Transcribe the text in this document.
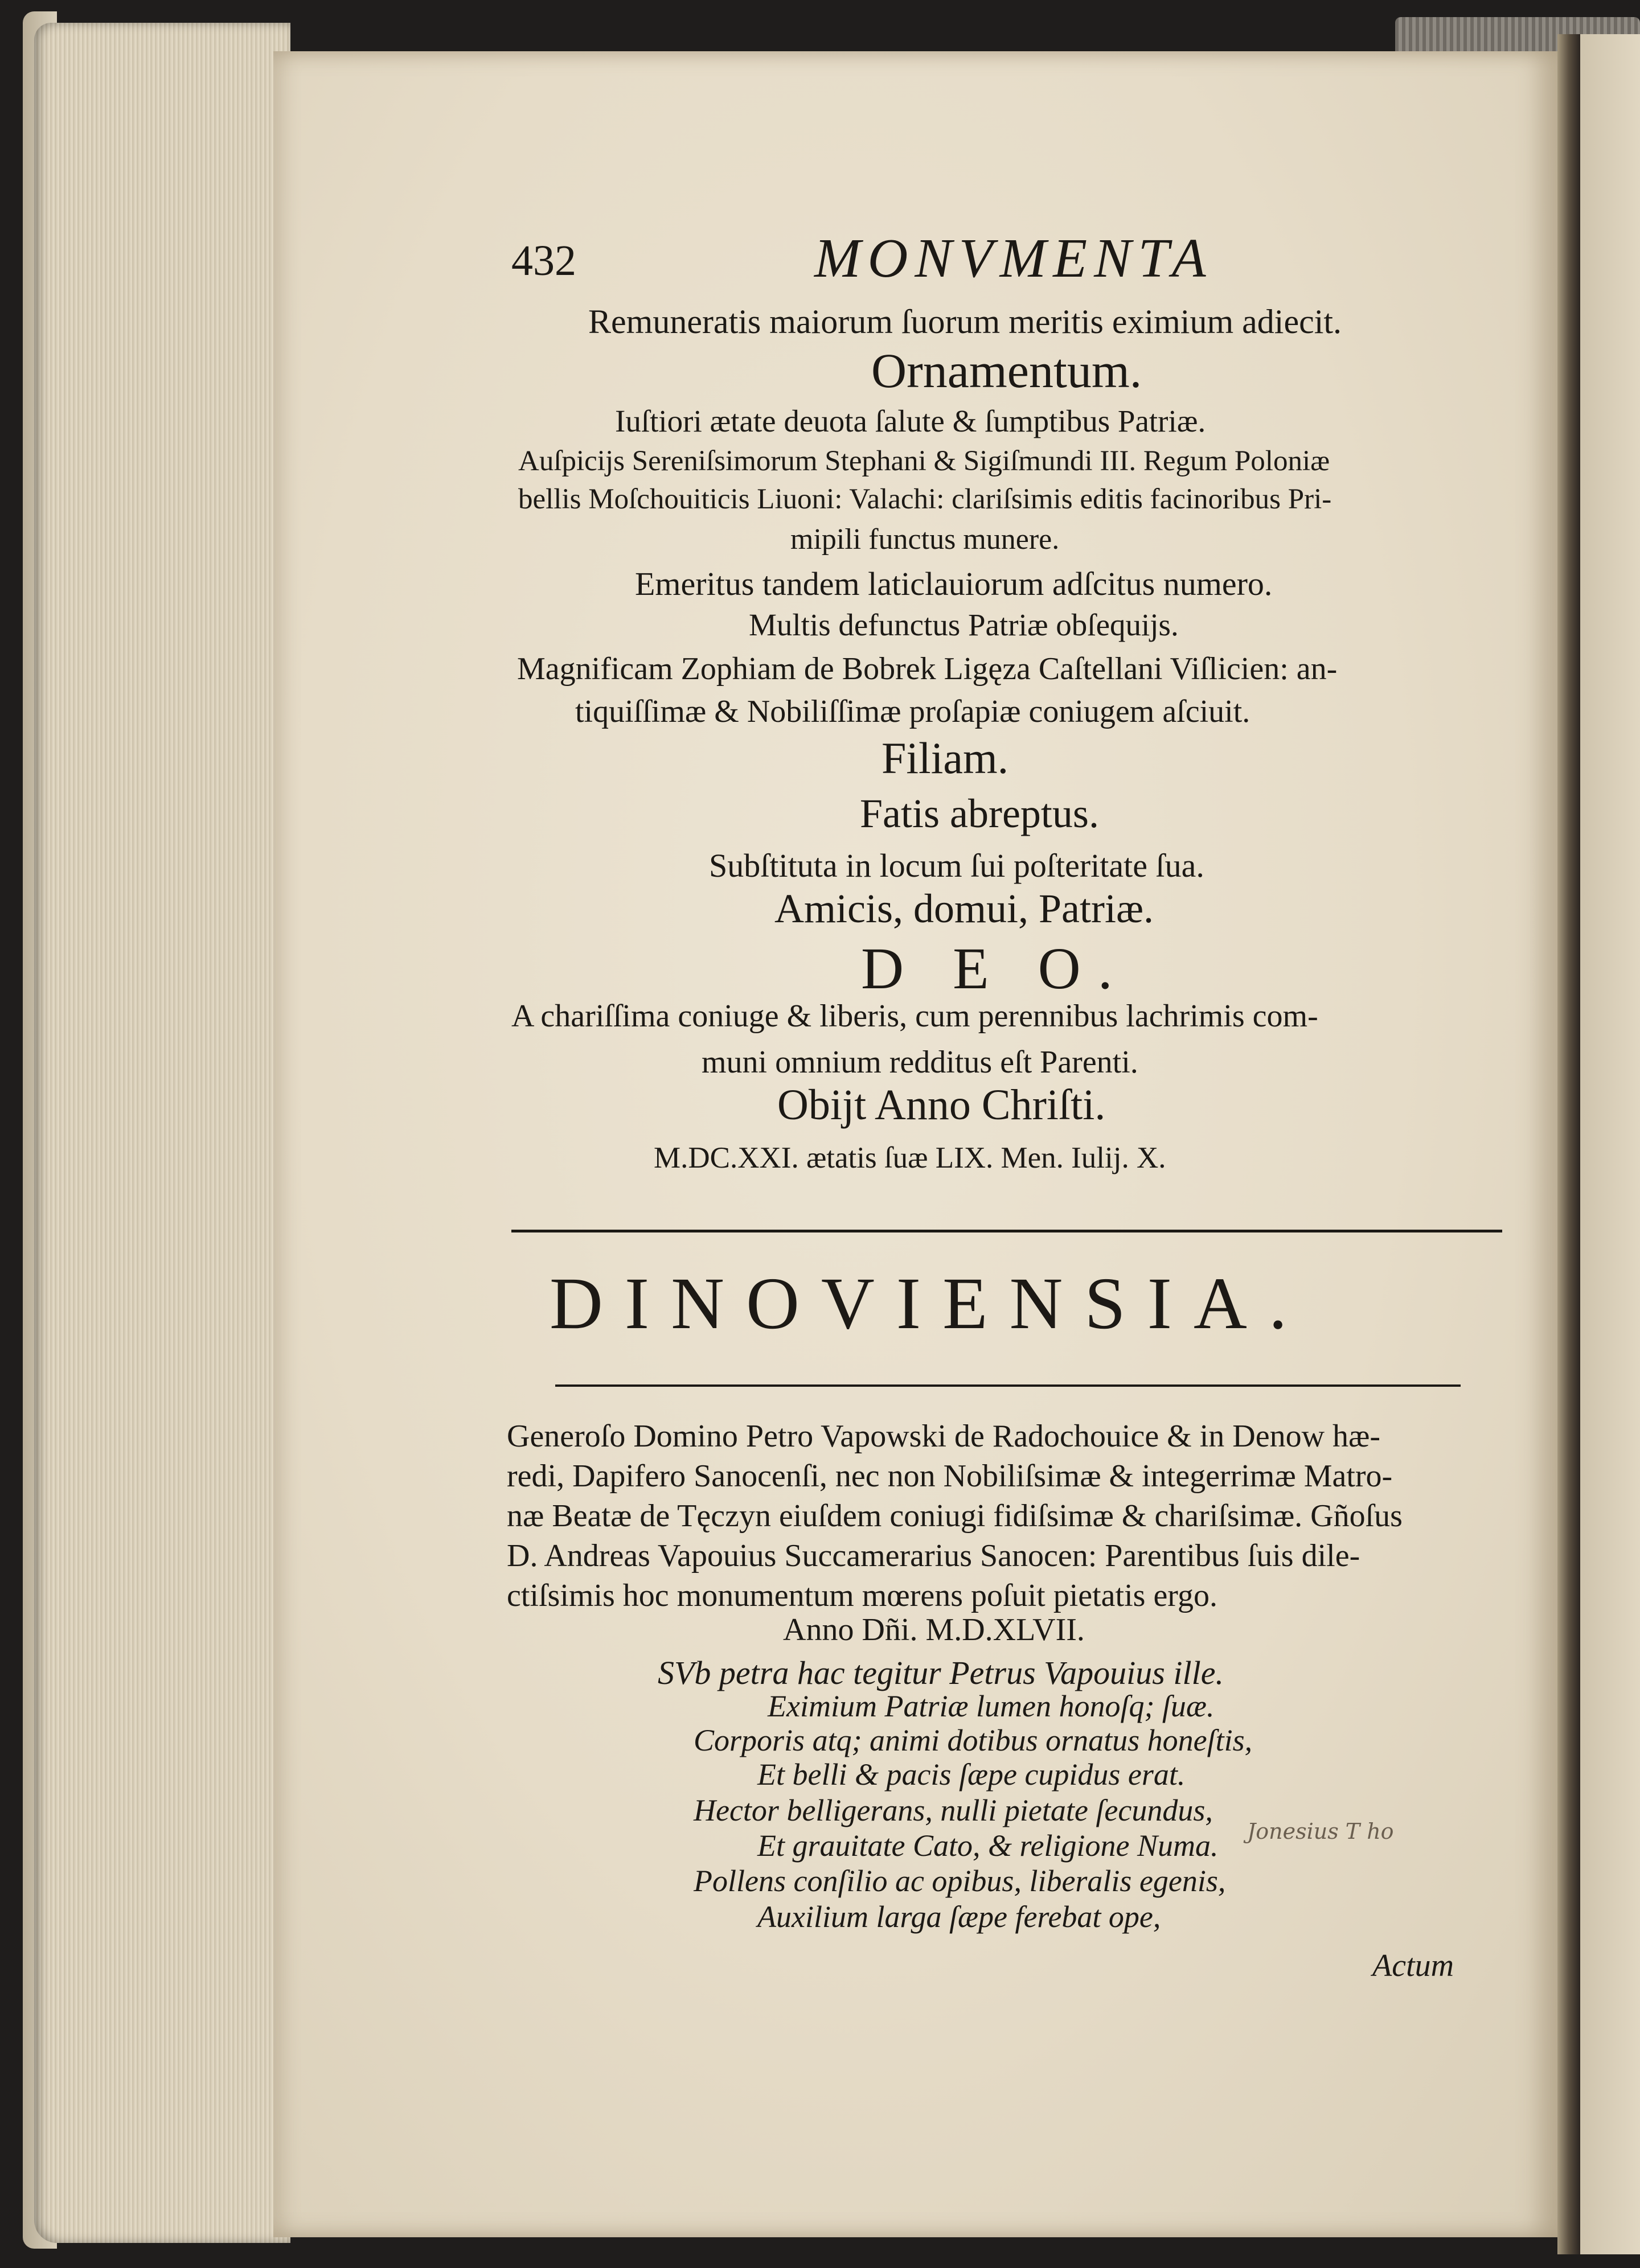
432	MONVMENTA

Remuneratis maiorum ſuorum meritis eximium adiecit.

Ornamentum.

Iuſtiori ætate deuota ſalute & ſumptibus Patriæ.

Auſpicijs Sereniſsimorum Stephani & Sigiſmundi III. Regum Poloniæ

bellis Moſchouiticis Liuoni: Valachi: clariſsimis editis facinoribus Pri-

mipili functus munere.

Emeritus tandem laticlauiorum adſcitus numero.

Multis defunctus Patriæ obſequijs.

Magnificam Zophiam de Bobrek Ligęza Caſtellani Viſlicien: an-

tiquiſſimæ & Nobiliſſimæ proſapiæ coniugem aſciuit.

Filiam.

Fatis abreptus.

Subſtituta in locum ſui poſteritate ſua.

Amicis, domui, Patriæ.

D E O.

A chariſſima coniuge & liberis, cum perennibus lachrimis com-

muni omnium redditus eſt Parenti.

Obijt Anno Chriſti.

M.DC.XXI. ætatis ſuæ LIX. Men. Iulij. X.

DINOVIENSIA.

Generoſo Domino Petro Vapowski de Radochouice & in Denow hæ-

redi, Dapifero Sanocenſi, nec non Nobiliſsimæ & integerrimæ Matro-

næ Beatæ de Tęczyn eiuſdem coniugi fidiſsimæ & chariſsimæ. Gñoſus

D. Andreas Vapouius Succamerarius Sanocen: Parentibus ſuis dile-

ctiſsimis hoc monumentum mœrens poſuit pietatis ergo.

Anno Dñi. M.D.XLVII.

SVb petra hac tegitur Petrus Vapouius ille.

Eximium Patriæ lumen honoſq; ſuæ.

Corporis atq; animi dotibus ornatus honeſtis,

Et belli & pacis ſæpe cupidus erat.

Hector belligerans, nulli pietate ſecundus,

Et grauitate Cato, & religione Numa.

Pollens conſilio ac opibus, liberalis egenis,

Auxilium larga ſæpe ferebat ope,

Jonesius T ho

Actum
